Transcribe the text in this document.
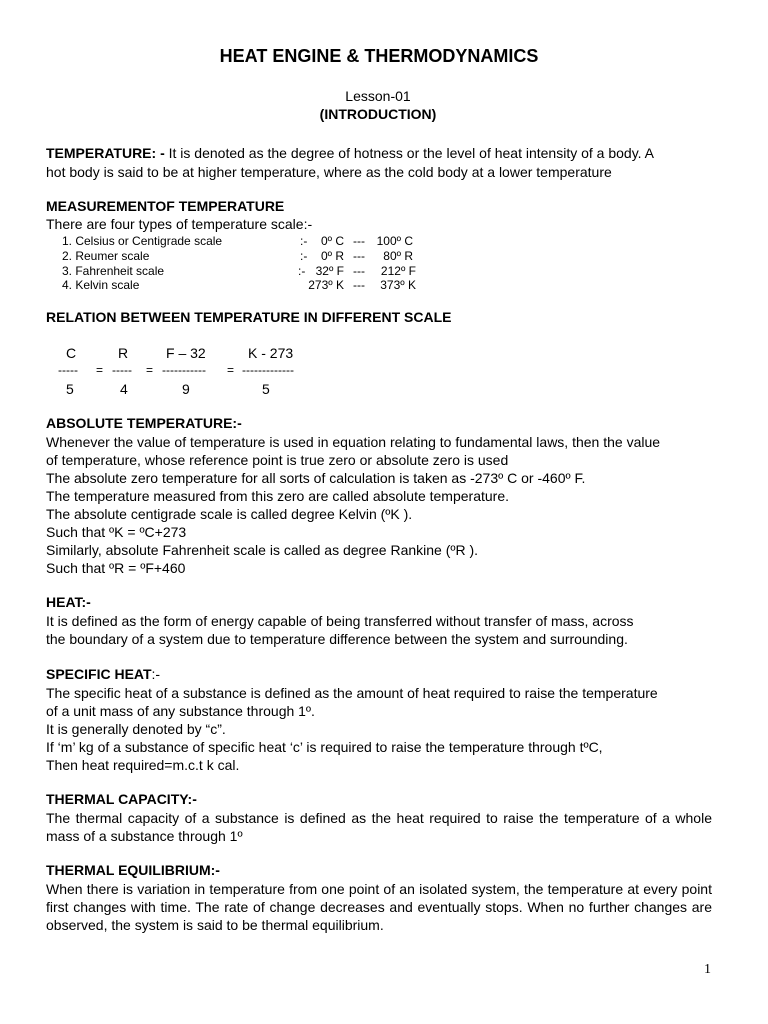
HEAT ENGINE & THERMODYNAMICS
Lesson-01
(INTRODUCTION)
TEMPERATURE: - It is denoted as the degree of hotness or the level of heat intensity of a body. A
hot body is said to be at higher temperature, where as the cold body at a lower temperature
MEASUREMENTOF TEMPERATURE
There are four types of temperature scale:-
1. Celsius or Centigrade scale	:-	0º C --- 100º C
2. Reumer scale	:-	0º R ---	80º R
3. Fahrenheit scale	:- 32º F ---	212º F
4. Kelvin scale	273º K ---	373º K
RELATION BETWEEN TEMPERATURE IN DIFFERENT SCALE
C	R	F – 32	K - 273
----- = ----- = ----------- = -------------
5	4	9	5
ABSOLUTE TEMPERATURE:-
Whenever the value of temperature is used in equation relating to fundamental laws, then the value
of temperature, whose reference point is true zero or absolute zero is used
The absolute zero temperature for all sorts of calculation is taken as -273º C or -460º F.
The temperature measured from this zero are called absolute temperature.
The absolute centigrade scale is called degree Kelvin (ºK ).
Such that ºK = ºC+273
Similarly, absolute Fahrenheit scale is called as degree Rankine (ºR ).
Such that ºR = ºF+460
HEAT:-
It is defined as the form of energy capable of being transferred without transfer of mass, across
the boundary of a system due to temperature difference between the system and surrounding.
SPECIFIC HEAT:-
The specific heat of a substance is defined as the amount of heat required to raise the temperature
of a unit mass of any substance through 1º.
It is generally denoted by “c”.
If ‘m’ kg of a substance of specific heat ‘c’ is required to raise the temperature through tºC,
Then heat required=m.c.t k cal.
THERMAL CAPACITY:-
The thermal capacity of a substance is defined as the heat required to raise the temperature of a whole mass of a substance through 1º
THERMAL EQUILIBRIUM:-
When there is variation in temperature from one point of an isolated system, the temperature at every point first changes with time. The rate of change decreases and eventually stops. When no further changes are observed, the system is said to be thermal equilibrium.
1
